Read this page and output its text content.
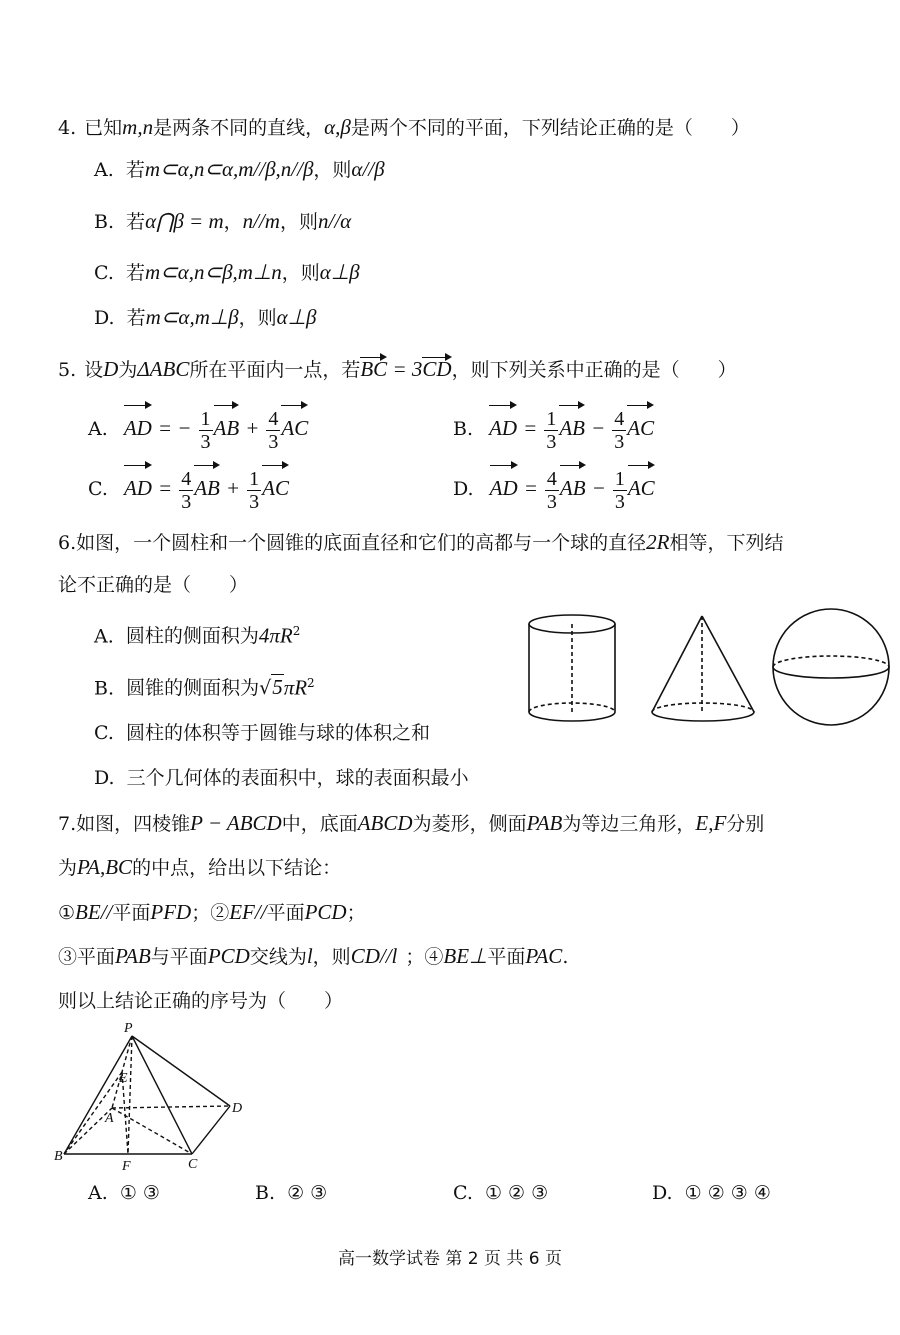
4. 已知m,n是两条不同的直线，α,β是两个不同的平面，下列结论正确的是（　　）
A. 若m⊂α,n⊂α,m//β,n//β，则α//β
B. 若α⋂β = m，n//m，则n//α
C. 若m⊂α,n⊂β,m⊥n，则α⊥β
D. 若m⊂α,m⊥β，则α⊥β
5. 设D为ΔABC所在平面内一点，若BC = 3CD，则下列关系中正确的是（　　）
A. AD = − $\frac{1}{3}$ AB + $\frac{4}{3}$ AC	B. AD = $\frac{1}{3}$ AB − $\frac{4}{3}$ AC
C. AD = $\frac{4}{3}$ AB + $\frac{1}{3}$ AC	D. AD = $\frac{4}{3}$ AB − $\frac{1}{3}$ AC
6.如图，一个圆柱和一个圆锥的底面直径和它们的高都与一个球的直径2R相等，下列结
论不正确的是（　　）
A. 圆柱的侧面积为$4\pi R^2$
B. 圆锥的侧面积为$√5\pi R^2$
C. 圆柱的体积等于圆锥与球的体积之和
D. 三个几何体的表面积中，球的表面积最小
7.如图，四棱锥P − ABCD中，底面ABCD为菱形，侧面PAB为等边三角形，E,F分别
为PA,BC的中点，给出以下结论：
①BE//平面PFD；②EF//平面PCD；
③平面PAB与平面PCD交线为l，则CD//l ；④BE⊥平面PAC.
则以上结论正确的序号为（　　）
P
E
A
D
B
F	C
A. ① ③	B. ② ③	C. ① ② ③	D. ① ② ③ ④
高一数学试卷 第 2 页 共 6 页
